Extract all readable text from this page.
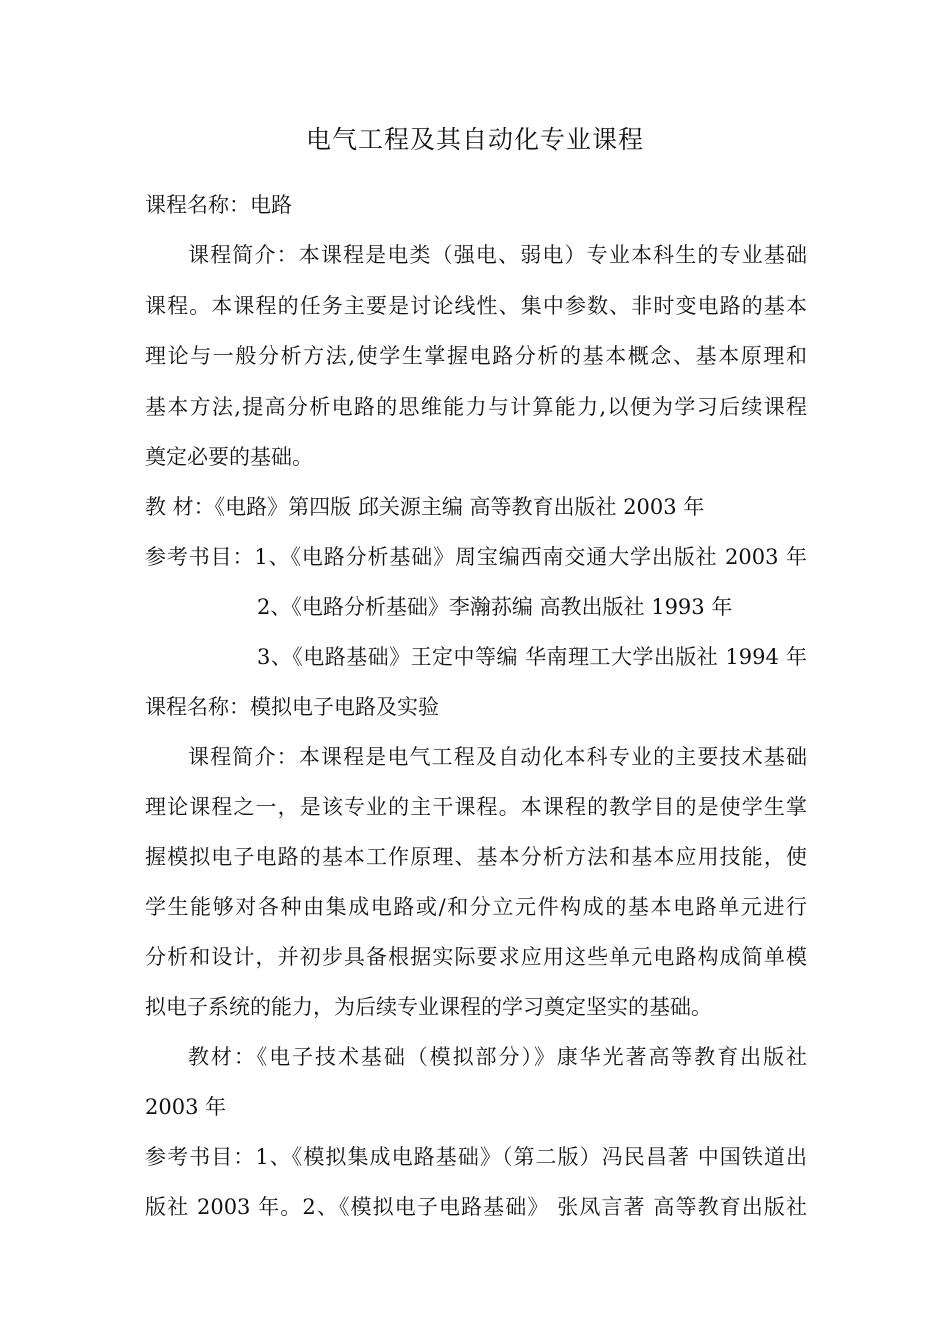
电气工程及其自动化专业课程
课程名称：电路
课程简介：本课程是电类（强电、弱电）专业本科生的专业基础
课程。本课程的任务主要是讨论线性、集中参数、非时变电路的基本
理论与一般分析方法,使学生掌握电路分析的基本概念、基本原理和
基本方法,提高分析电路的思维能力与计算能力,以便为学习后续课程
奠定必要的基础。
教 材：《电路》第四版 邱关源主编 高等教育出版社 2003 年
参考书目：1、《电路分析基础》周宝编西南交通大学出版社 2003 年
2、《电路分析基础》李瀚荪编 高教出版社 1993 年
3、《电路基础》王定中等编 华南理工大学出版社 1994 年
课程名称：模拟电子电路及实验
课程简介：本课程是电气工程及自动化本科专业的主要技术基础
理论课程之一，是该专业的主干课程。本课程的教学目的是使学生掌
握模拟电子电路的基本工作原理、基本分析方法和基本应用技能，使
学生能够对各种由集成电路或/和分立元件构成的基本电路单元进行
分析和设计，并初步具备根据实际要求应用这些单元电路构成简单模
拟电子系统的能力，为后续专业课程的学习奠定坚实的基础。
教材：《电子技术基础（模拟部分）》康华光著高等教育出版社
2003 年
参考书目：1、《模拟集成电路基础》（第二版）冯民昌著 中国铁道出
版社 2003 年。2、《模拟电子电路基础》 张凤言著 高等教育出版社
